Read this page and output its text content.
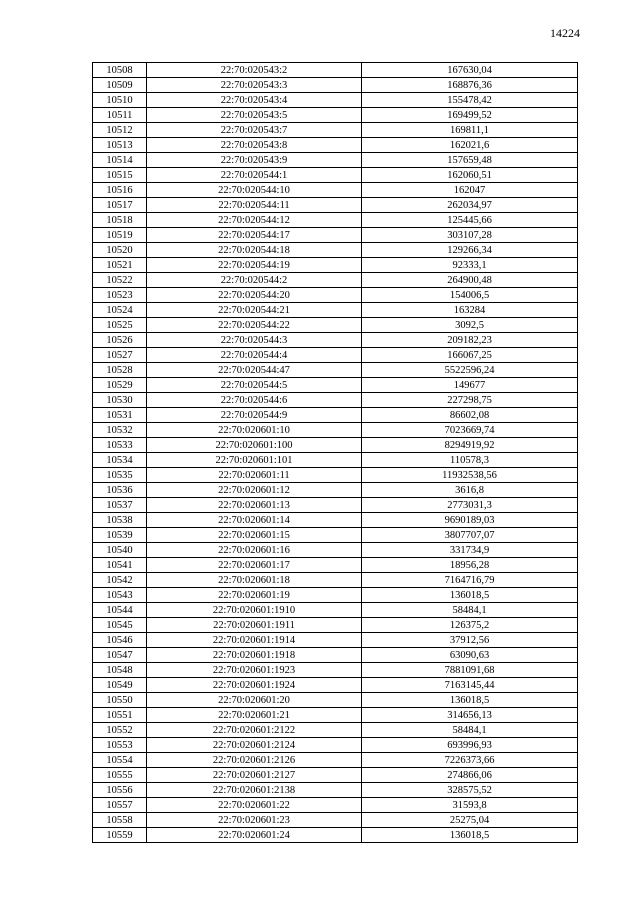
14224
10508	22:70:020543:2	167630,04
10509	22:70:020543:3	168876,36
10510	22:70:020543:4	155478,42
10511	22:70:020543:5	169499,52
10512	22:70:020543:7	169811,1
10513	22:70:020543:8	162021,6
10514	22:70:020543:9	157659,48
10515	22:70:020544:1	162060,51
10516	22:70:020544:10	162047
10517	22:70:020544:11	262034,97
10518	22:70:020544:12	125445,66
10519	22:70:020544:17	303107,28
10520	22:70:020544:18	129266,34
10521	22:70:020544:19	92333,1
10522	22:70:020544:2	264900,48
10523	22:70:020544:20	154006,5
10524	22:70:020544:21	163284
10525	22:70:020544:22	3092,5
10526	22:70:020544:3	209182,23
10527	22:70:020544:4	166067,25
10528	22:70:020544:47	5522596,24
10529	22:70:020544:5	149677
10530	22:70:020544:6	227298,75
10531	22:70:020544:9	86602,08
10532	22:70:020601:10	7023669,74
10533	22:70:020601:100	8294919,92
10534	22:70:020601:101	110578,3
10535	22:70:020601:11	11932538,56
10536	22:70:020601:12	3616,8
10537	22:70:020601:13	2773031,3
10538	22:70:020601:14	9690189,03
10539	22:70:020601:15	3807707,07
10540	22:70:020601:16	331734,9
10541	22:70:020601:17	18956,28
10542	22:70:020601:18	7164716,79
10543	22:70:020601:19	136018,5
10544	22:70:020601:1910	58484,1
10545	22:70:020601:1911	126375,2
10546	22:70:020601:1914	37912,56
10547	22:70:020601:1918	63090,63
10548	22:70:020601:1923	7881091,68
10549	22:70:020601:1924	7163145,44
10550	22:70:020601:20	136018,5
10551	22:70:020601:21	314656,13
10552	22:70:020601:2122	58484,1
10553	22:70:020601:2124	693996,93
10554	22:70:020601:2126	7226373,66
10555	22:70:020601:2127	274866,06
10556	22:70:020601:2138	328575,52
10557	22:70:020601:22	31593,8
10558	22:70:020601:23	25275,04
10559	22:70:020601:24	136018,5
